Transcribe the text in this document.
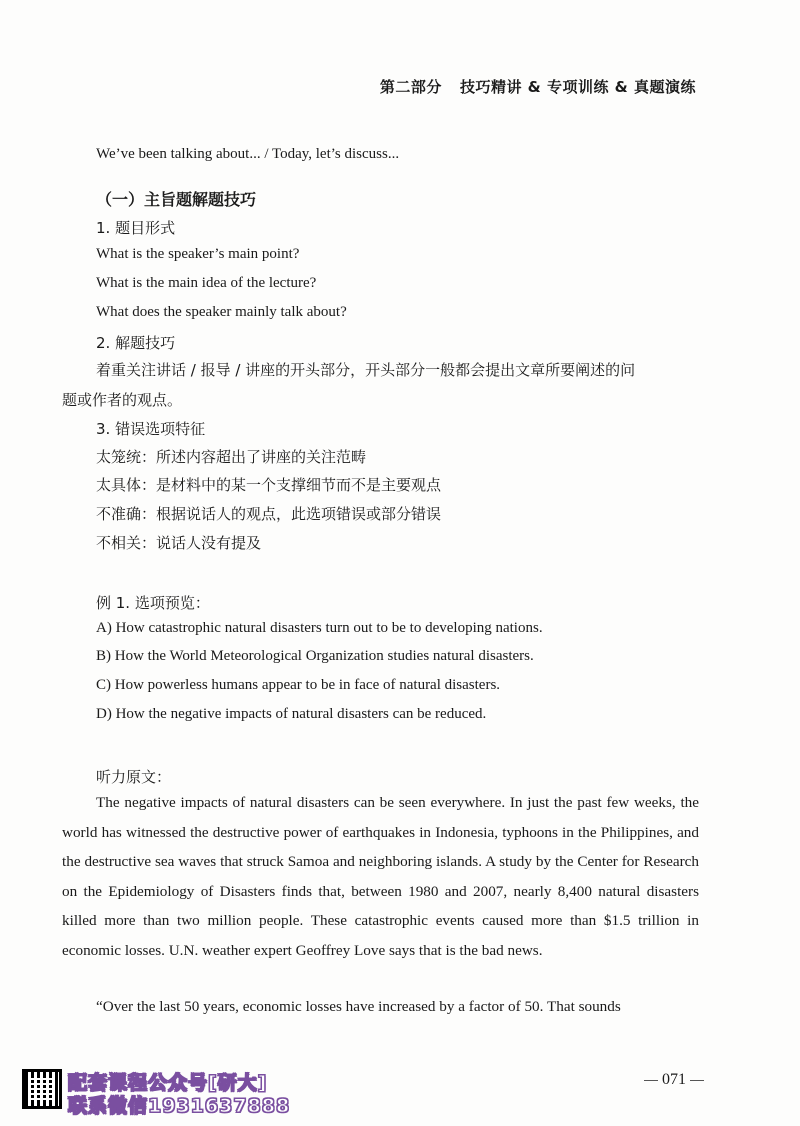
第二部分 技巧精讲 & 专项训练 & 真题演练
We’ve been talking about... / Today, let’s discuss...
（一）主旨题解题技巧
1. 题目形式
What is the speaker’s main point?
What is the main idea of the lecture?
What does the speaker mainly talk about?
2. 解题技巧
着重关注讲话 / 报导 / 讲座的开头部分，开头部分一般都会提出文章所要阐述的问
题或作者的观点。
3. 错误选项特征
太笼统：所述内容超出了讲座的关注范畴
太具体：是材料中的某一个支撑细节而不是主要观点
不准确：根据说话人的观点，此选项错误或部分错误
不相关：说话人没有提及
例 1. 选项预览：
A) How catastrophic natural disasters turn out to be to developing nations.
B) How the World Meteorological Organization studies natural disasters.
C) How powerless humans appear to be in face of natural disasters.
D) How the negative impacts of natural disasters can be reduced.
听力原文：
The negative impacts of natural disasters can be seen everywhere. In just the past few weeks, the world has witnessed the destructive power of earthquakes in Indonesia, typhoons in the Philippines, and the destructive sea waves that struck Samoa and neighboring islands. A study by the Center for Research on the Epidemiology of Disasters finds that, between 1980 and 2007, nearly 8,400 natural disasters killed more than two million people. These catastrophic events caused more than $1.5 trillion in economic losses. U.N. weather expert Geoffrey Love says that is the bad news.
“Over the last 50 years, economic losses have increased by a factor of 50. That sounds
配套课程公众号[研大]
联系微信1931637888
071
